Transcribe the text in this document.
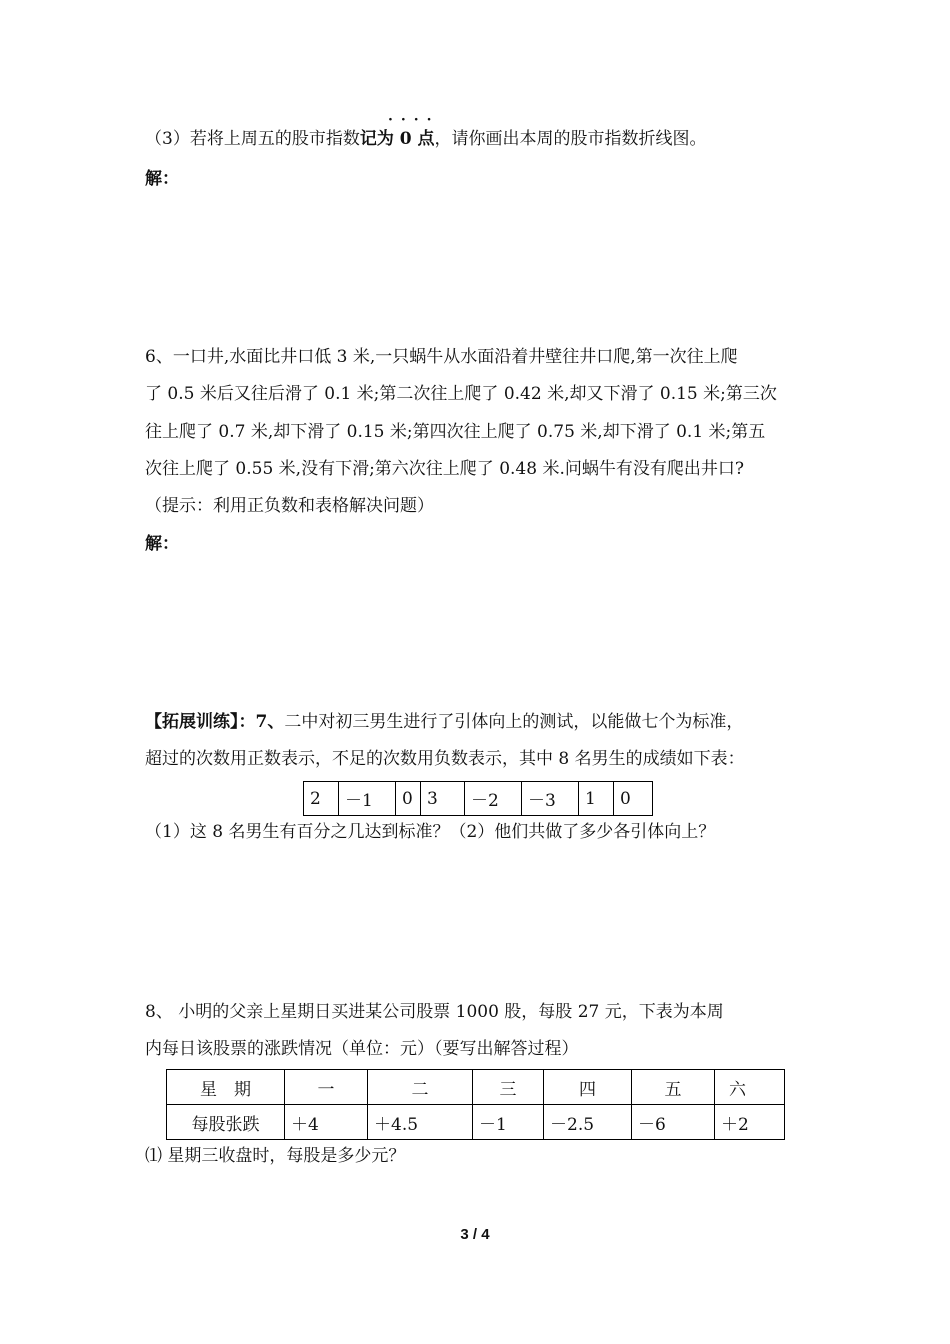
····
（3）若将上周五的股市指数记为 0 点，请你画出本周的股市指数折线图。
解：
6、一口井,水面比井口低 3 米,一只蜗牛从水面沿着井壁往井口爬,第一次往上爬
了 0.5 米后又往后滑了 0.1 米;第二次往上爬了 0.42 米,却又下滑了 0.15 米;第三次
往上爬了 0.7 米,却下滑了 0.15 米;第四次往上爬了 0.75 米,却下滑了 0.1 米;第五
次往上爬了 0.55 米,没有下滑;第六次往上爬了 0.48 米.问蜗牛有没有爬出井口?
（提示：利用正负数和表格解决问题）
解：
【拓展训练】：7、二中对初三男生进行了引体向上的测试，以能做七个为标准，
超过的次数用正数表示，不足的次数用负数表示，其中 8 名男生的成绩如下表：
2	－1	0	3	－2	－3	1	0
（1）这 8 名男生有百分之几达到标准？（2）他们共做了多少各引体向上？
8、 小明的父亲上星期日买进某公司股票 1000 股，每股 27 元，下表为本周
内每日该股票的涨跌情况（单位：元）（要写出解答过程）
星　期	一	二	三	四	五	六
每股张跌	＋4	＋4.5	－1	－2.5	－6	＋2
⑴ 星期三收盘时，每股是多少元？
3 / 4
